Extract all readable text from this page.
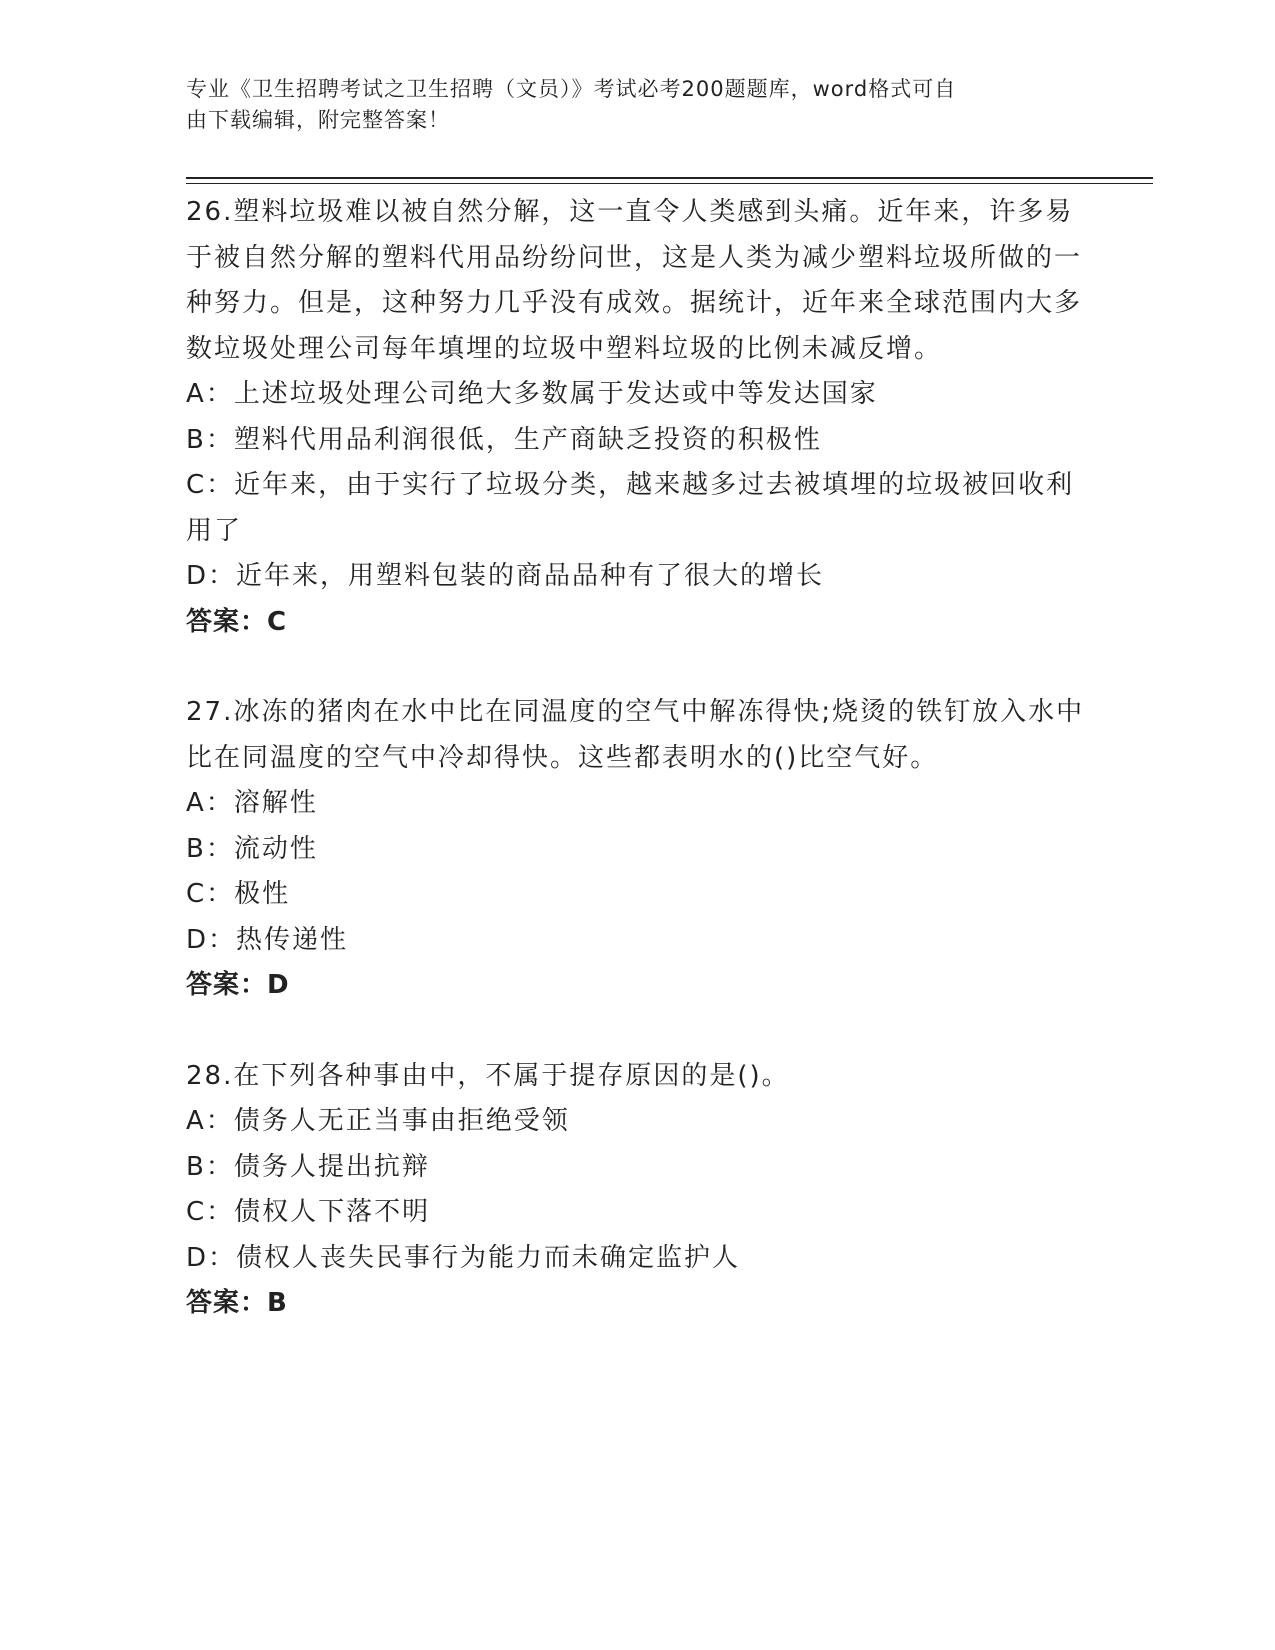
专业《卫生招聘考试之卫生招聘（文员）》考试必考200题题库，word格式可自
由下载编辑，附完整答案！
26.塑料垃圾难以被自然分解，这一直令人类感到头痛。近年来，许多易于被自然分解的塑料代用品纷纷问世，这是人类为减少塑料垃圾所做的一种努力。但是，这种努力几乎没有成效。据统计，近年来全球范围内大多数垃圾处理公司每年填埋的垃圾中塑料垃圾的比例未减反增。
A：上述垃圾处理公司绝大多数属于发达或中等发达国家
B：塑料代用品利润很低，生产商缺乏投资的积极性
C：近年来，由于实行了垃圾分类，越来越多过去被填埋的垃圾被回收利用了
D：近年来，用塑料包装的商品品种有了很大的增长
答案：C
27.冰冻的猪肉在水中比在同温度的空气中解冻得快;烧烫的铁钉放入水中比在同温度的空气中冷却得快。这些都表明水的()比空气好。
A：溶解性
B：流动性
C：极性
D：热传递性
答案：D
28.在下列各种事由中，不属于提存原因的是()。
A：债务人无正当事由拒绝受领
B：债务人提出抗辩
C：债权人下落不明
D：债权人丧失民事行为能力而未确定监护人
答案：B
